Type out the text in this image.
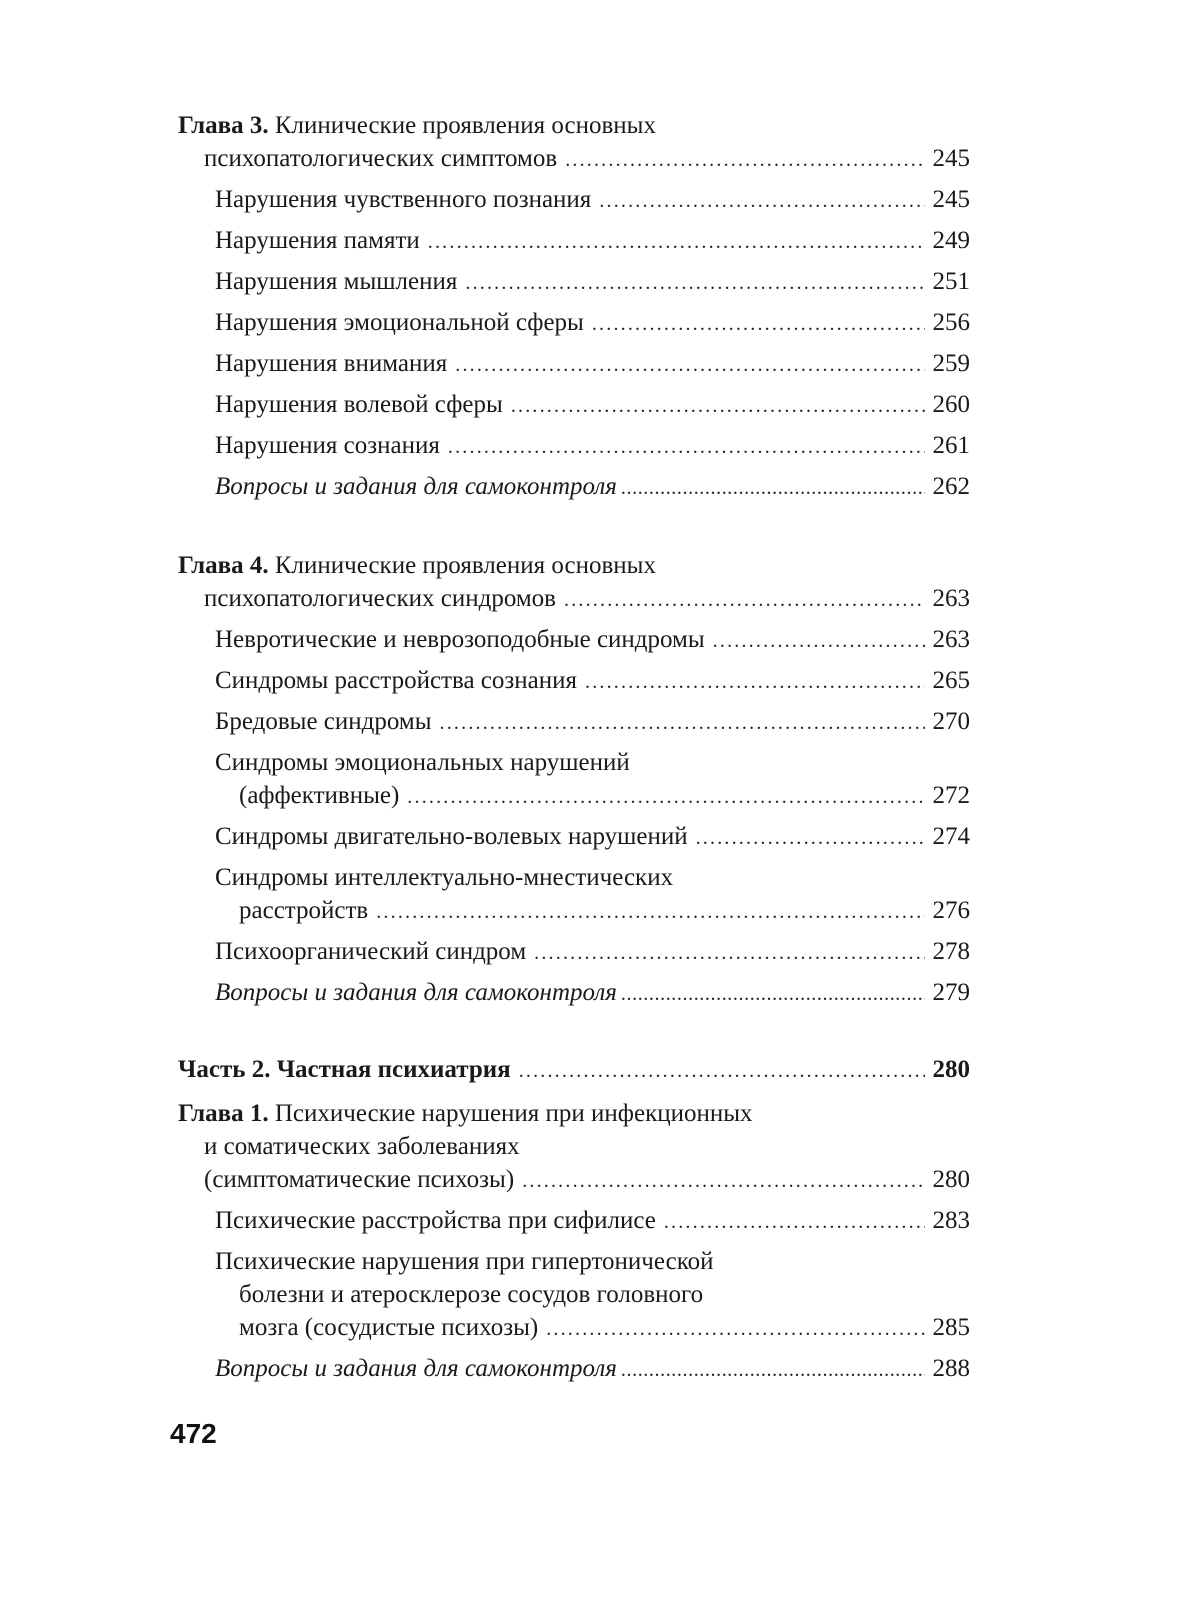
Глава 3. Клинические проявления основных
психопатологических симптомов .....	245
Нарушения чувственного познания .....	245
Нарушения памяти .....	249
Нарушения мышления .....	251
Нарушения эмоциональной сферы .....	256
Нарушения внимания .....	259
Нарушения волевой сферы .....	260
Нарушения сознания .....	261
Вопросы и задания для самоконтроля .....	262
Глава 4. Клинические проявления основных
психопатологических синдромов .....	263
Невротические и неврозоподобные синдромы .....	263
Синдромы расстройства сознания .....	265
Бредовые синдромы .....	270
Синдромы эмоциональных нарушений
(аффективные) .....	272
Синдромы двигательно-волевых нарушений .....	274
Синдромы интеллектуально-мнестических
расстройств .....	276
Психоорганический синдром .....	278
Вопросы и задания для самоконтроля .....	279
Часть 2. Частная психиатрия .....	280
Глава 1. Психические нарушения при инфекционных
и соматических заболеваниях
(симптоматические психозы) .....	280
Психические расстройства при сифилисе .....	283
Психические нарушения при гипертонической
болезни и атеросклерозе сосудов головного
мозга (сосудистые психозы) .....	285
Вопросы и задания для самоконтроля .....	288
472
